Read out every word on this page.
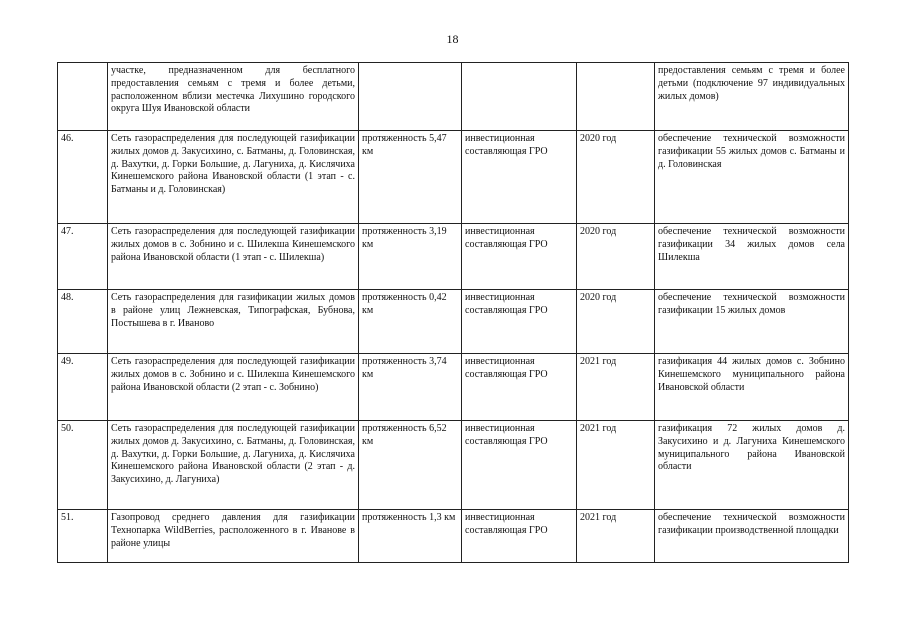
18
	участке, предназначенном для бесплатного предоставления семьям с тремя и более детьми, расположенном вблизи местечка Лихушино городского округа Шуя Ивановской области				предоставления семьям с тремя и более детьми (подключение 97 индивидуальных жилых домов)
46.	Сеть газораспределения для последующей газификации жилых домов д. Закусихино, с. Батманы, д. Головинская, д. Вахутки, д. Горки Большие, д. Лагуниха, д. Кислячиха Кинешемского района Ивановской области (1 этап - с. Батманы и д. Головинская)	протяженность 5,47 км	инвестиционная составляющая ГРО	2020 год	обеспечение технической возможности газификации 55 жилых домов с. Батманы и д. Головинская
47.	Сеть газораспределения для последующей газификации жилых домов в с. Зобнино и с. Шилекша Кинешемского района Ивановской области (1 этап - с. Шилекша)	протяженность 3,19 км	инвестиционная составляющая ГРО	2020 год	обеспечение технической возможности газификации 34 жилых домов села Шилекша
48.	Сеть газораспределения для газификации жилых домов в районе улиц Лежневская, Типографская, Бубнова, Постышева в г. Иваново	протяженность 0,42 км	инвестиционная составляющая ГРО	2020 год	обеспечение технической возможности газификации 15 жилых домов
49.	Сеть газораспределения для последующей газификации жилых домов в с. Зобнино и с. Шилекша Кинешемского района Ивановской области (2 этап - с. Зобнино)	протяженность 3,74 км	инвестиционная составляющая ГРО	2021 год	газификация 44 жилых домов с. Зобнино Кинешемского муниципального района Ивановской области
50.	Сеть газораспределения для последующей газификации жилых домов д. Закусихино, с. Батманы, д. Головинская, д. Вахутки, д. Горки Большие, д. Лагуниха, д. Кислячиха Кинешемского района Ивановской области (2 этап - д. Закусихино, д. Лагуниха)	протяженность 6,52 км	инвестиционная составляющая ГРО	2021 год	газификация 72 жилых домов д. Закусихино и д. Лагуниха Кинешемского муниципального района Ивановской области
51.	Газопровод среднего давления для газификации Технопарка WildBerries, расположенного в г. Иванове в районе улицы	протяженность 1,3 км	инвестиционная составляющая ГРО	2021 год	обеспечение технической возможности газификации производственной площадки
